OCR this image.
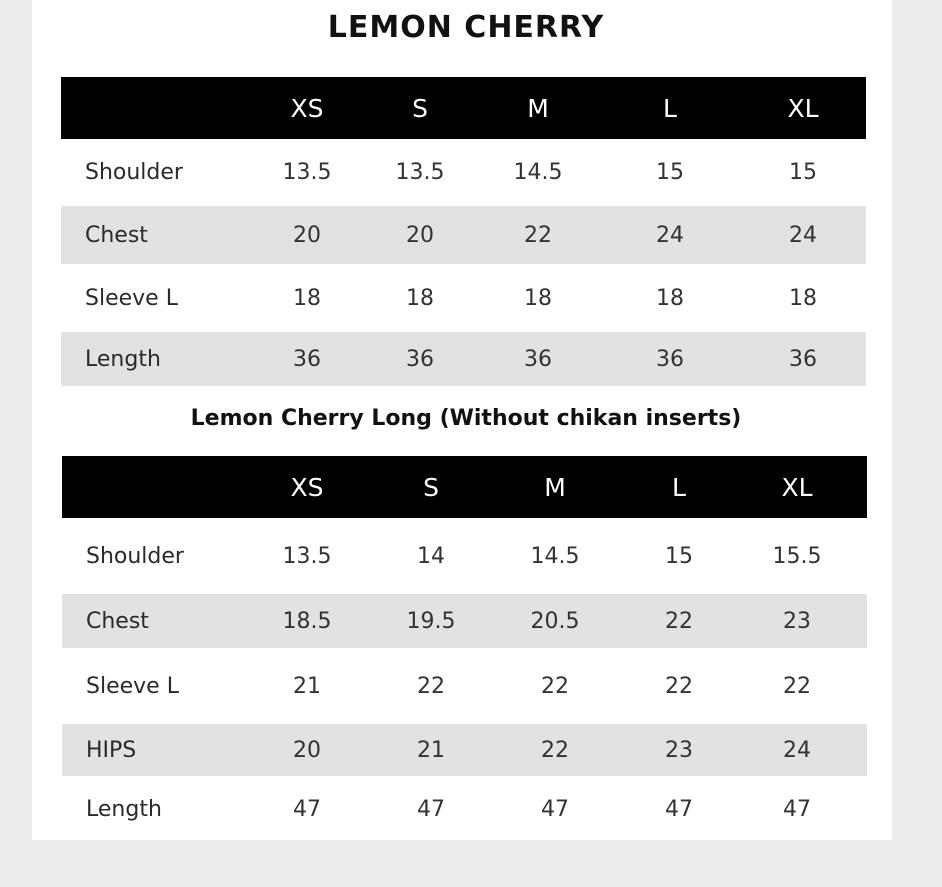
LEMON CHERRY
XS	S	M	L	XL
Shoulder	13.5	13.5	14.5	15	15
Chest	20	20	22	24	24
Sleeve L	18	18	18	18	18
Length	36	36	36	36	36
Lemon Cherry Long (Without chikan inserts)
XS	S	M	L	XL
Shoulder	13.5	14	14.5	15	15.5
Chest	18.5	19.5	20.5	22	23
Sleeve L	21	22	22	22	22
HIPS	20	21	22	23	24
Length	47	47	47	47	47
